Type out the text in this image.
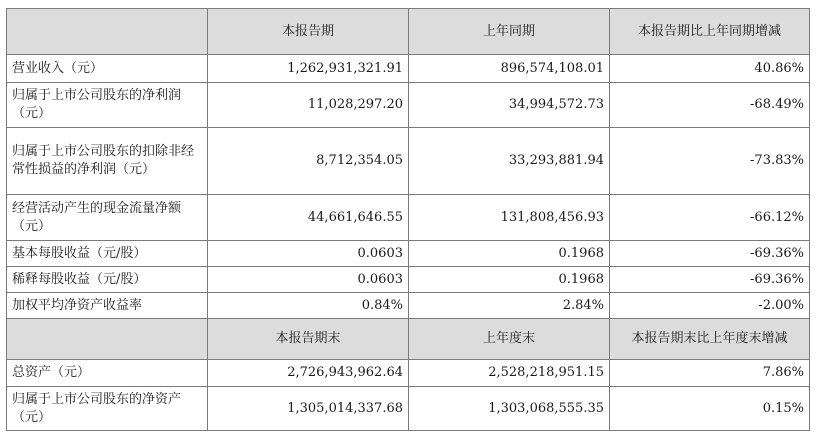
	本报告期	上年同期	本报告期比上年同期增减
营业收入（元）	1,262,931,321.91	896,574,108.01	40.86%
归属于上市公司股东的净利润（元）	11,028,297.20	34,994,572.73	-68.49%
归属于上市公司股东的扣除非经常性损益的净利润（元）	8,712,354.05	33,293,881.94	-73.83%
经营活动产生的现金流量净额（元）	44,661,646.55	131,808,456.93	-66.12%
基本每股收益（元/股）	0.0603	0.1968	-69.36%
稀释每股收益（元/股）	0.0603	0.1968	-69.36%
加权平均净资产收益率	0.84%	2.84%	-2.00%
	本报告期末	上年度末	本报告期末比上年度末增减
总资产（元）	2,726,943,962.64	2,528,218,951.15	7.86%
归属于上市公司股东的净资产（元）	1,305,014,337.68	1,303,068,555.35	0.15%
